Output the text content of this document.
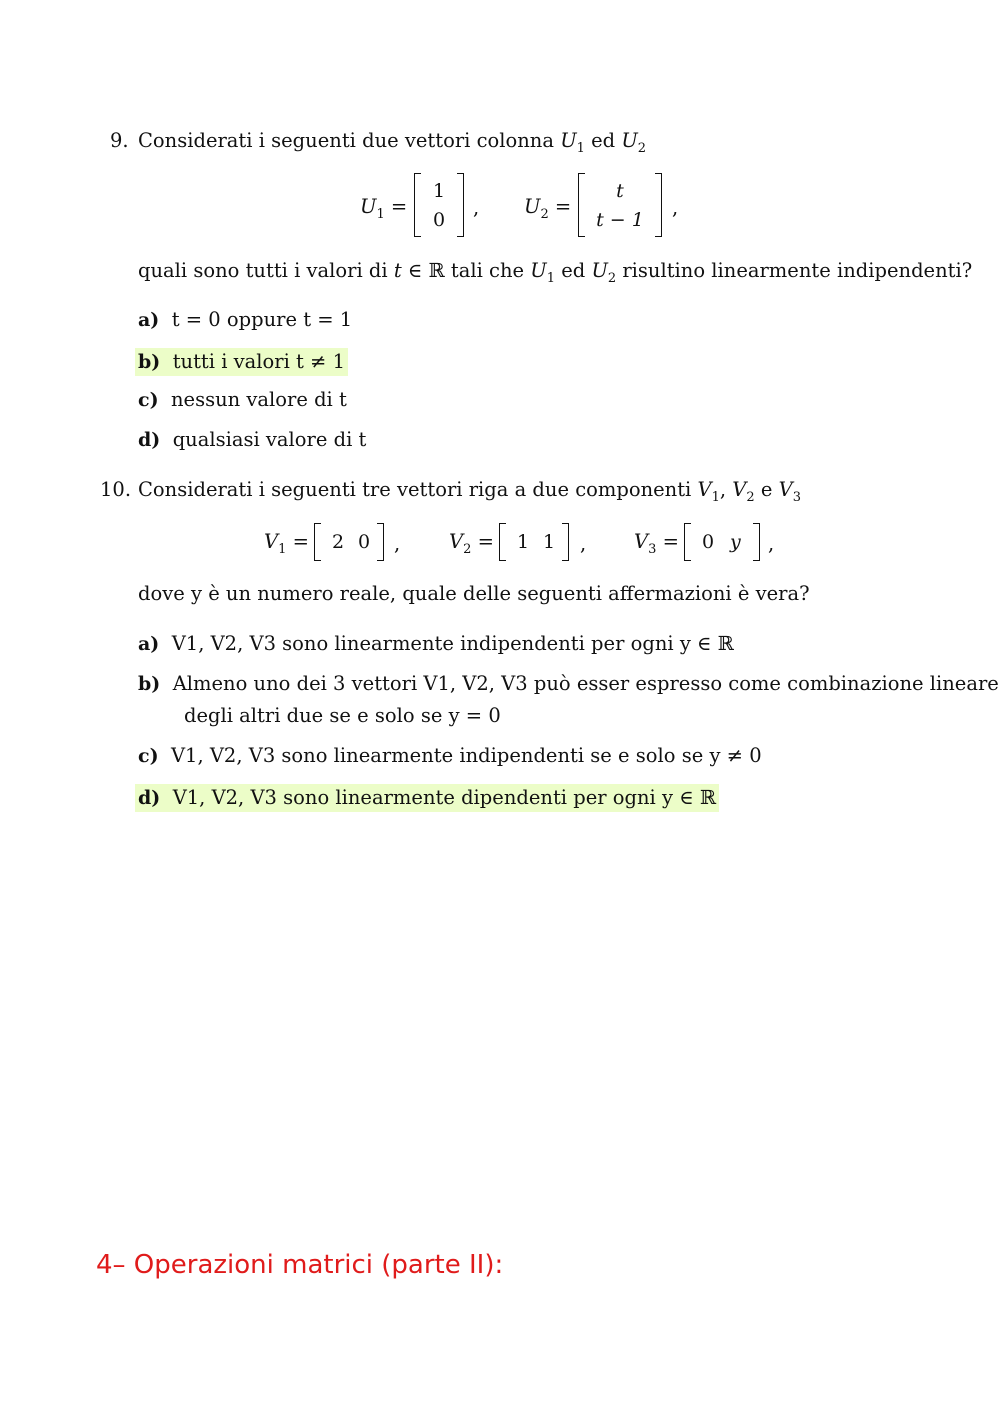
9. Considerati i seguenti due vettori colonna $U_1$ ed $U_2$
$U_1$ =
1
0
, $U_2$ =
t
t − 1
,
quali sono tutti i valori di t ∈ ℝ tali che $U_1$ ed $U_2$ risultino linearmente indipendenti?
a) t = 0 oppure t = 1
b) tutti i valori t ≠ 1
c) nessun valore di t
d) qualsiasi valore di t
10. Considerati i seguenti tre vettori riga a due componenti $V_1$, $V_2$ e $V_3$
$V_1 = 2$ 0 ,	$V_2 = 1$ 1 , $V_3 = 0$ y ,
dove y è un numero reale, quale delle seguenti affermazioni è vera?
a) V1, V2, V3 sono linearmente indipendenti per ogni y ∈ ℝ
b) Almeno uno dei 3 vettori V1, V2, V3 può esser espresso come combinazione lineare
degli altri due se e solo se y = 0
c) V1, V2, V3 sono linearmente indipendenti se e solo se y ≠ 0
d) V1, V2, V3 sono linearmente dipendenti per ogni y ∈ ℝ
4– Operazioni matrici (parte II):
